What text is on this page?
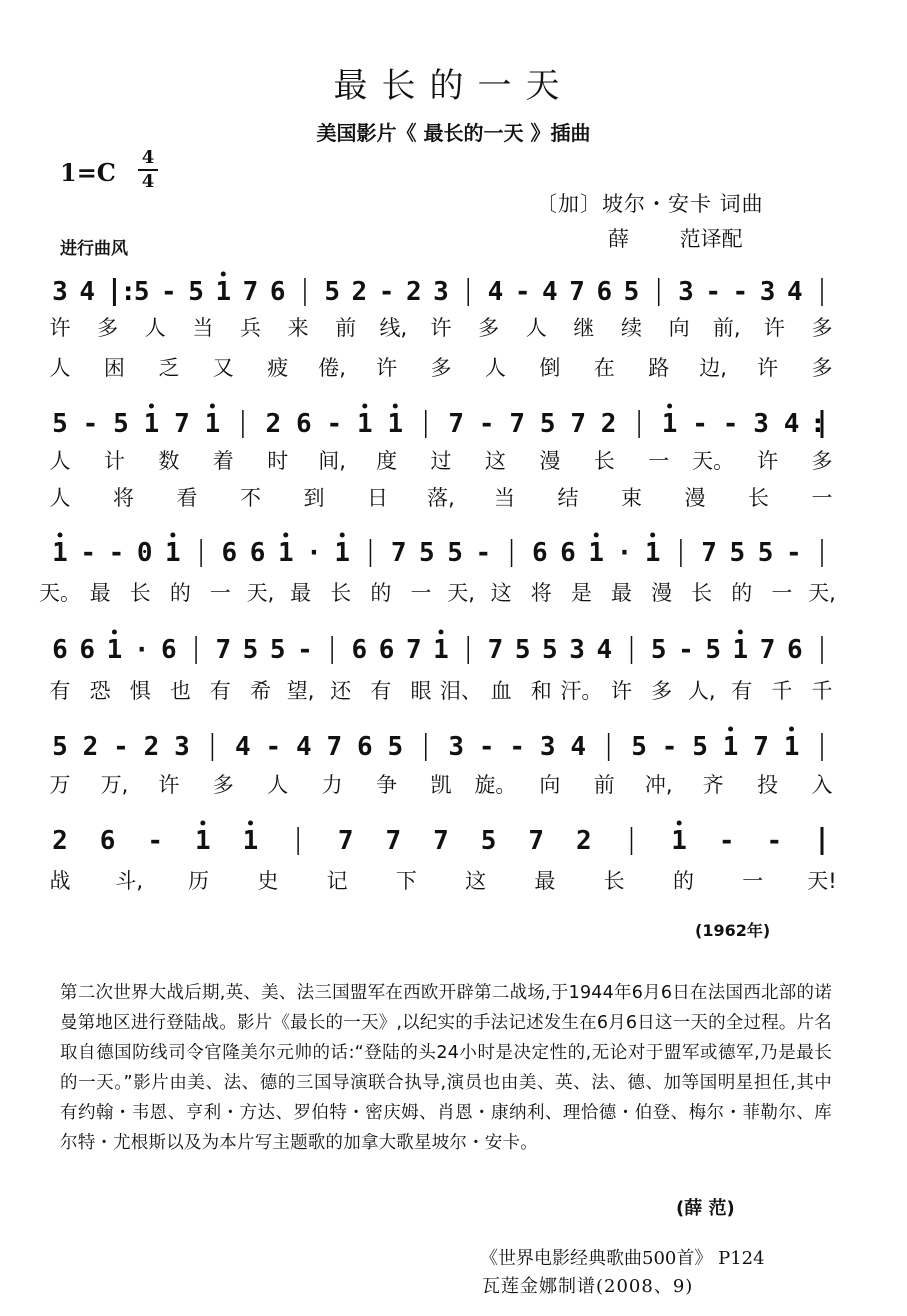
最长的一天
美国影片《 最长的一天 》插曲
1=C
4
4
〔加〕坡尔・安卡 词曲
薛 范译配
进行曲风
3 4 :
5 - 5 1 7 6 5 2 - 2 3 4 - 4 7 6 5 3 - - 3 4
许 多 人 当 兵 来 前 线, 许 多 人 继 续 向 前, 许 多
人 困 乏 又 疲 倦, 许 多 人 倒 在 路 边, 许 多
5 - 5 1 7 1 2 6 - 1 1 7 - 7 5 7 2 1 - - 3 4 :
人 计 数 着 时 间, 度 过 这 漫 长 一 天。 许 多
人 将 看 不 到 日 落, 当 结 束 漫 长 一
1 - - 0 1 6 6 1 · 1 7 5 5 - 6 6 1 · 1 7 5 5 -
天。 最 长 的 一 天, 最 长 的 一 天, 这 将 是 最 漫 长 的 一 天,
6 6 1 · 6 7 5 5 - 6 6 7 1 7 5 5 3 4 5 - 5 1 7 6
有 恐 惧 也 有 希 望, 还 有 眼 泪、 血 和 汗。 许 多 人, 有 千 千
5 2 - 2 3 4 - 4 7 6 5 3 - - 3 4 5 - 5 1 7 1
万 万, 许 多 人 力 争 凯 旋。 向 前 冲, 齐 投 入
2 6 - 1 1	7 7 7 5 7 2	1 - -
战 斗, 历 史 记 下 这 最 长 的 一 天!
(1962年)
第二次世界大战后期,英、美、法三国盟军在西欧开辟第二战场,于1944年6月6日在法国西北部的诺曼第地区进行登陆战。影片《最长的一天》,以纪实的手法记述发生在6月6日这一天的全过程。片名取自德国防线司令官隆美尔元帅的话:“登陆的头24小时是决定性的,无论对于盟军或德军,乃是最长的一天。”影片由美、法、德的三国导演联合执导,演员也由美、英、法、德、加等国明星担任,其中有约翰・韦恩、亨利・方达、罗伯特・密庆姆、肖恩・康纳利、理恰德・伯登、梅尔・菲勒尔、库尔特・尤根斯以及为本片写主题歌的加拿大歌星坡尔・安卡。
(薛 范)
《世界电影经典歌曲500首》 P124
瓦莲金娜制谱(2008、9)
